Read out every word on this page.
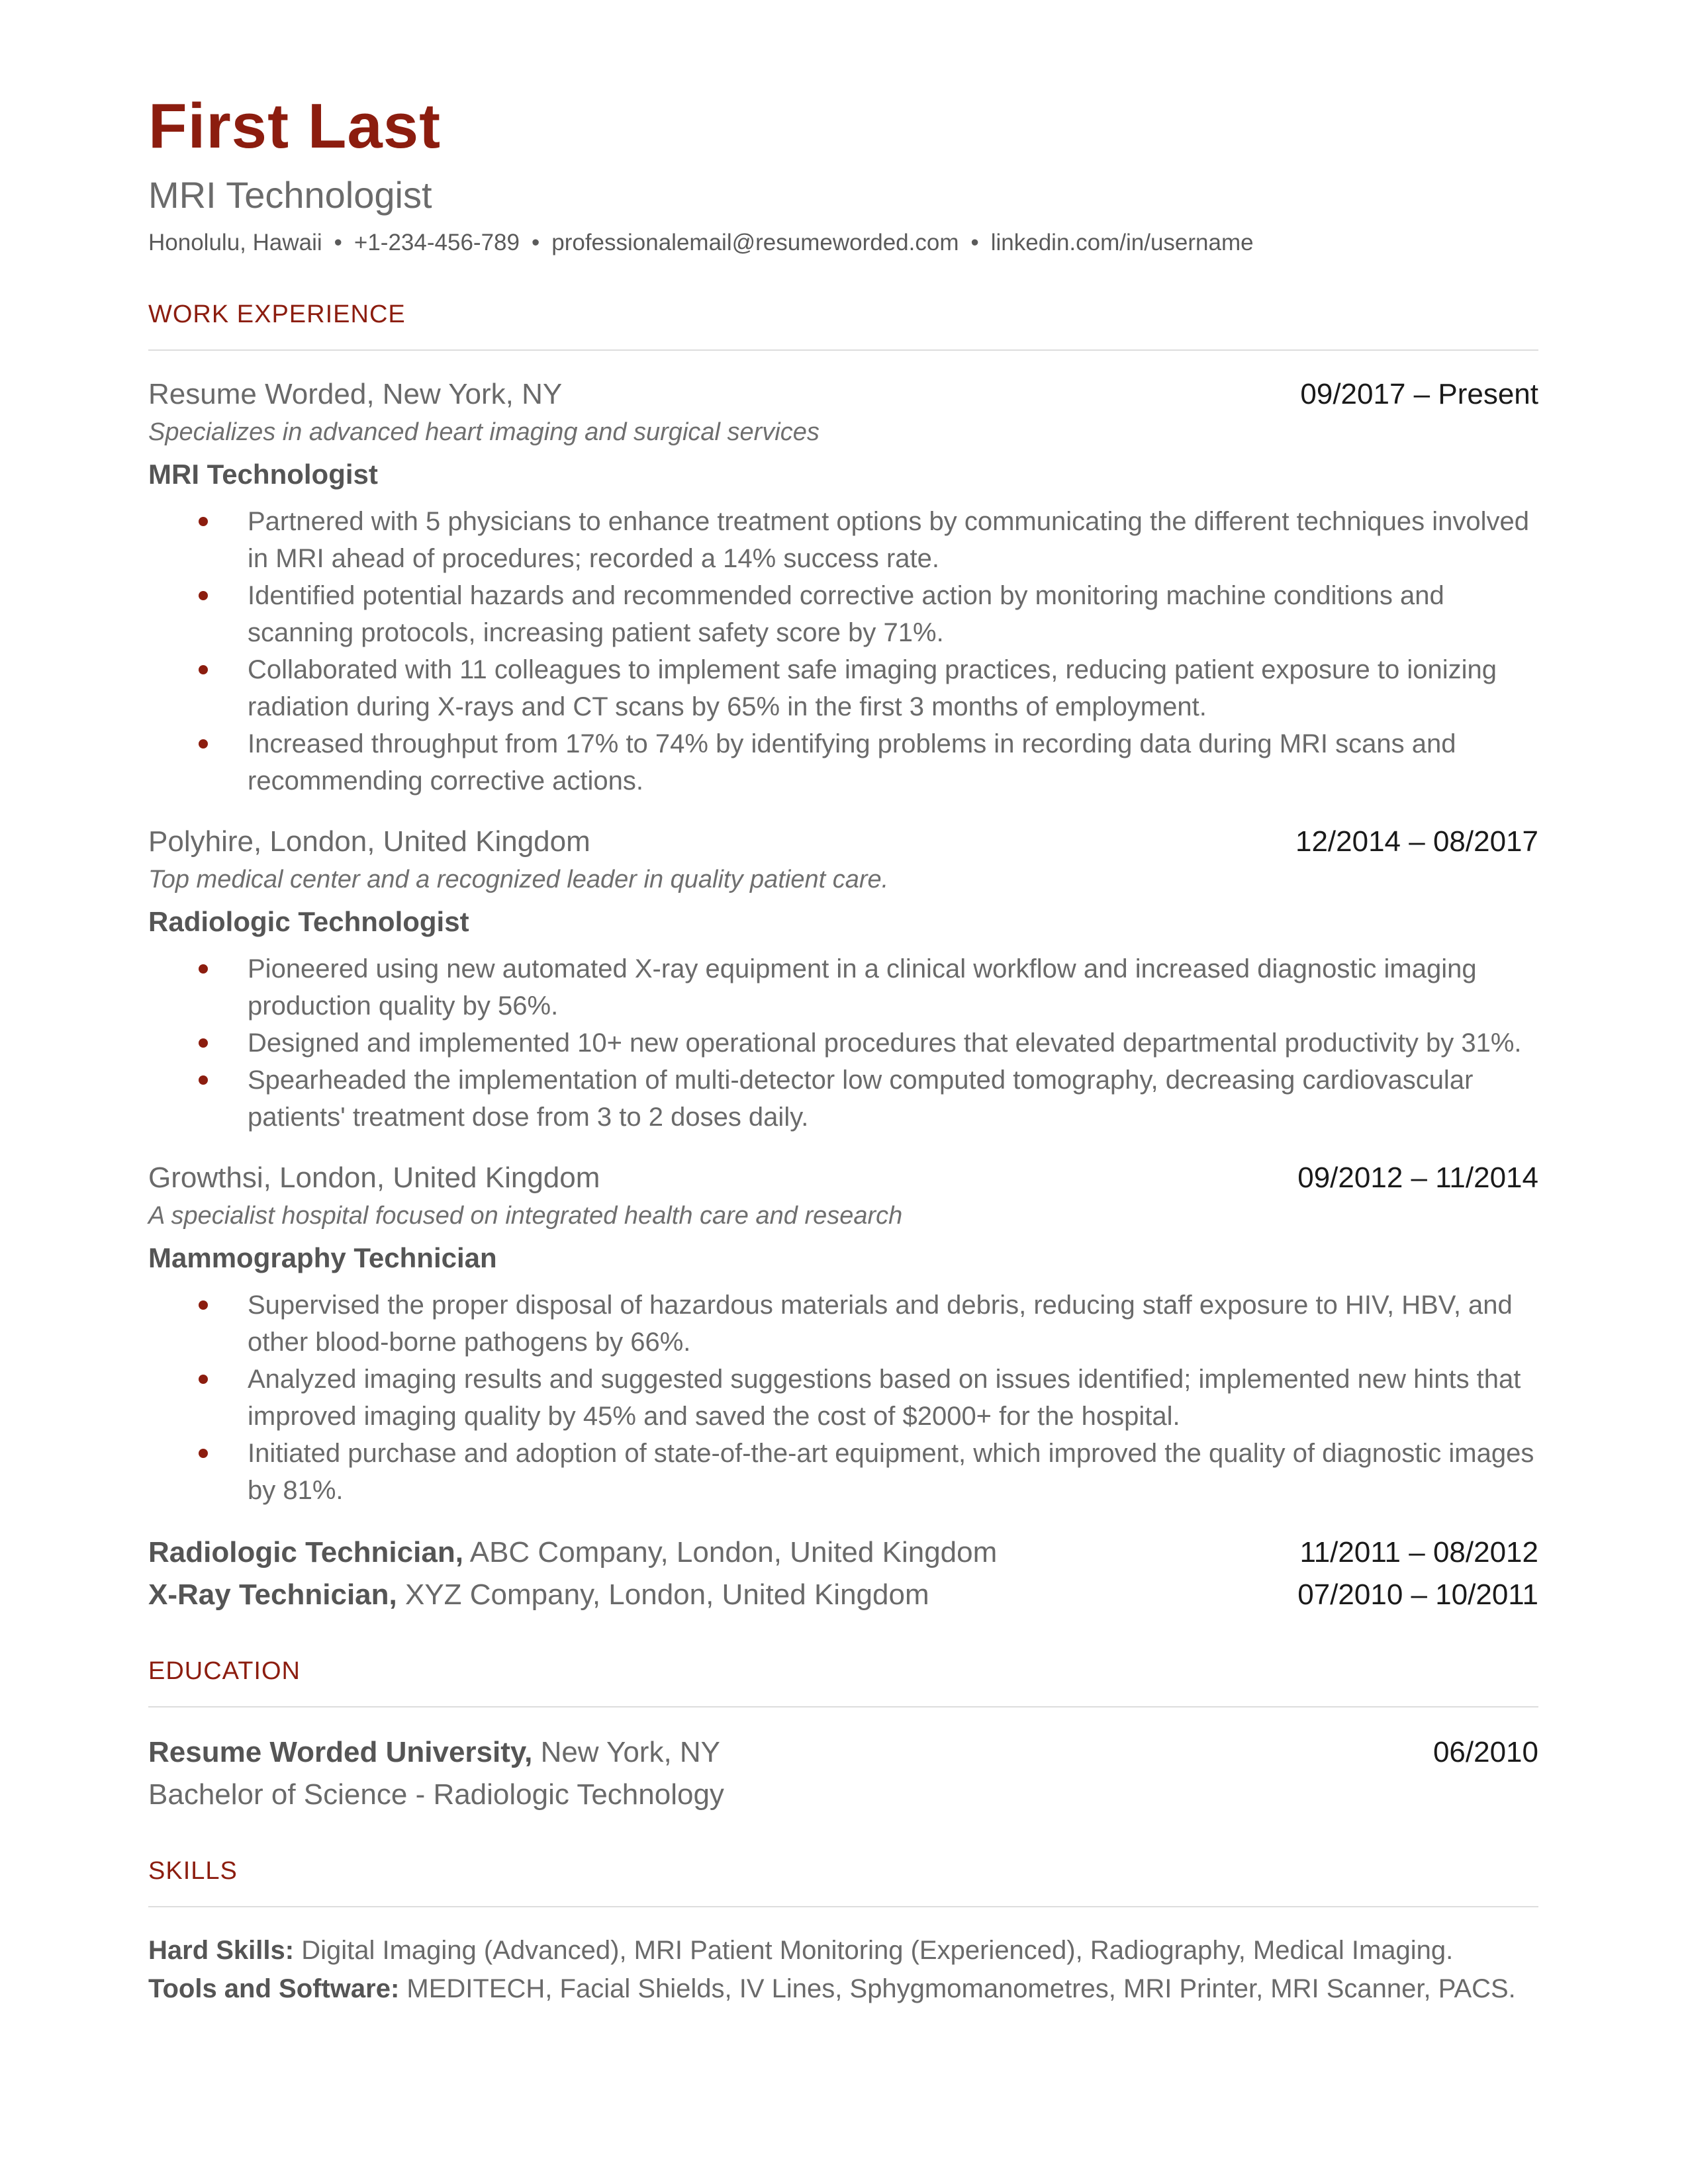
First Last
MRI Technologist
Honolulu, Hawaii • +1-234-456-789 • professionalemail@resumeworded.com • linkedin.com/in/username
WORK EXPERIENCE
Resume Worded, New York, NY	09/2017 – Present
Specializes in advanced heart imaging and surgical services
MRI Technologist
Partnered with 5 physicians to enhance treatment options by communicating the different techniques involved in MRI ahead of procedures; recorded a 14% success rate.
Identified potential hazards and recommended corrective action by monitoring machine conditions and scanning protocols, increasing patient safety score by 71%.
Collaborated with 11 colleagues to implement safe imaging practices, reducing patient exposure to ionizing radiation during X-rays and CT scans by 65% in the first 3 months of employment.
Increased throughput from 17% to 74% by identifying problems in recording data during MRI scans and recommending corrective actions.
Polyhire, London, United Kingdom	12/2014 – 08/2017
Top medical center and a recognized leader in quality patient care.
Radiologic Technologist
Pioneered using new automated X-ray equipment in a clinical workflow and increased diagnostic imaging production quality by 56%.
Designed and implemented 10+ new operational procedures that elevated departmental productivity by 31%.
Spearheaded the implementation of multi-detector low computed tomography, decreasing cardiovascular patients' treatment dose from 3 to 2 doses daily.
Growthsi, London, United Kingdom	09/2012 – 11/2014
A specialist hospital focused on integrated health care and research
Mammography Technician
Supervised the proper disposal of hazardous materials and debris, reducing staff exposure to HIV, HBV, and other blood-borne pathogens by 66%.
Analyzed imaging results and suggested suggestions based on issues identified; implemented new hints that improved imaging quality by 45% and saved the cost of $2000+ for the hospital.
Initiated purchase and adoption of state-of-the-art equipment, which improved the quality of diagnostic images by 81%.
Radiologic Technician, ABC Company, London, United Kingdom	11/2011 – 08/2012
X-Ray Technician, XYZ Company, London, United Kingdom	07/2010 – 10/2011
EDUCATION
Resume Worded University, New York, NY	06/2010
Bachelor of Science - Radiologic Technology
SKILLS
Hard Skills: Digital Imaging (Advanced), MRI Patient Monitoring (Experienced), Radiography, Medical Imaging.
Tools and Software: MEDITECH, Facial Shields, IV Lines, Sphygmomanometres, MRI Printer, MRI Scanner, PACS.
